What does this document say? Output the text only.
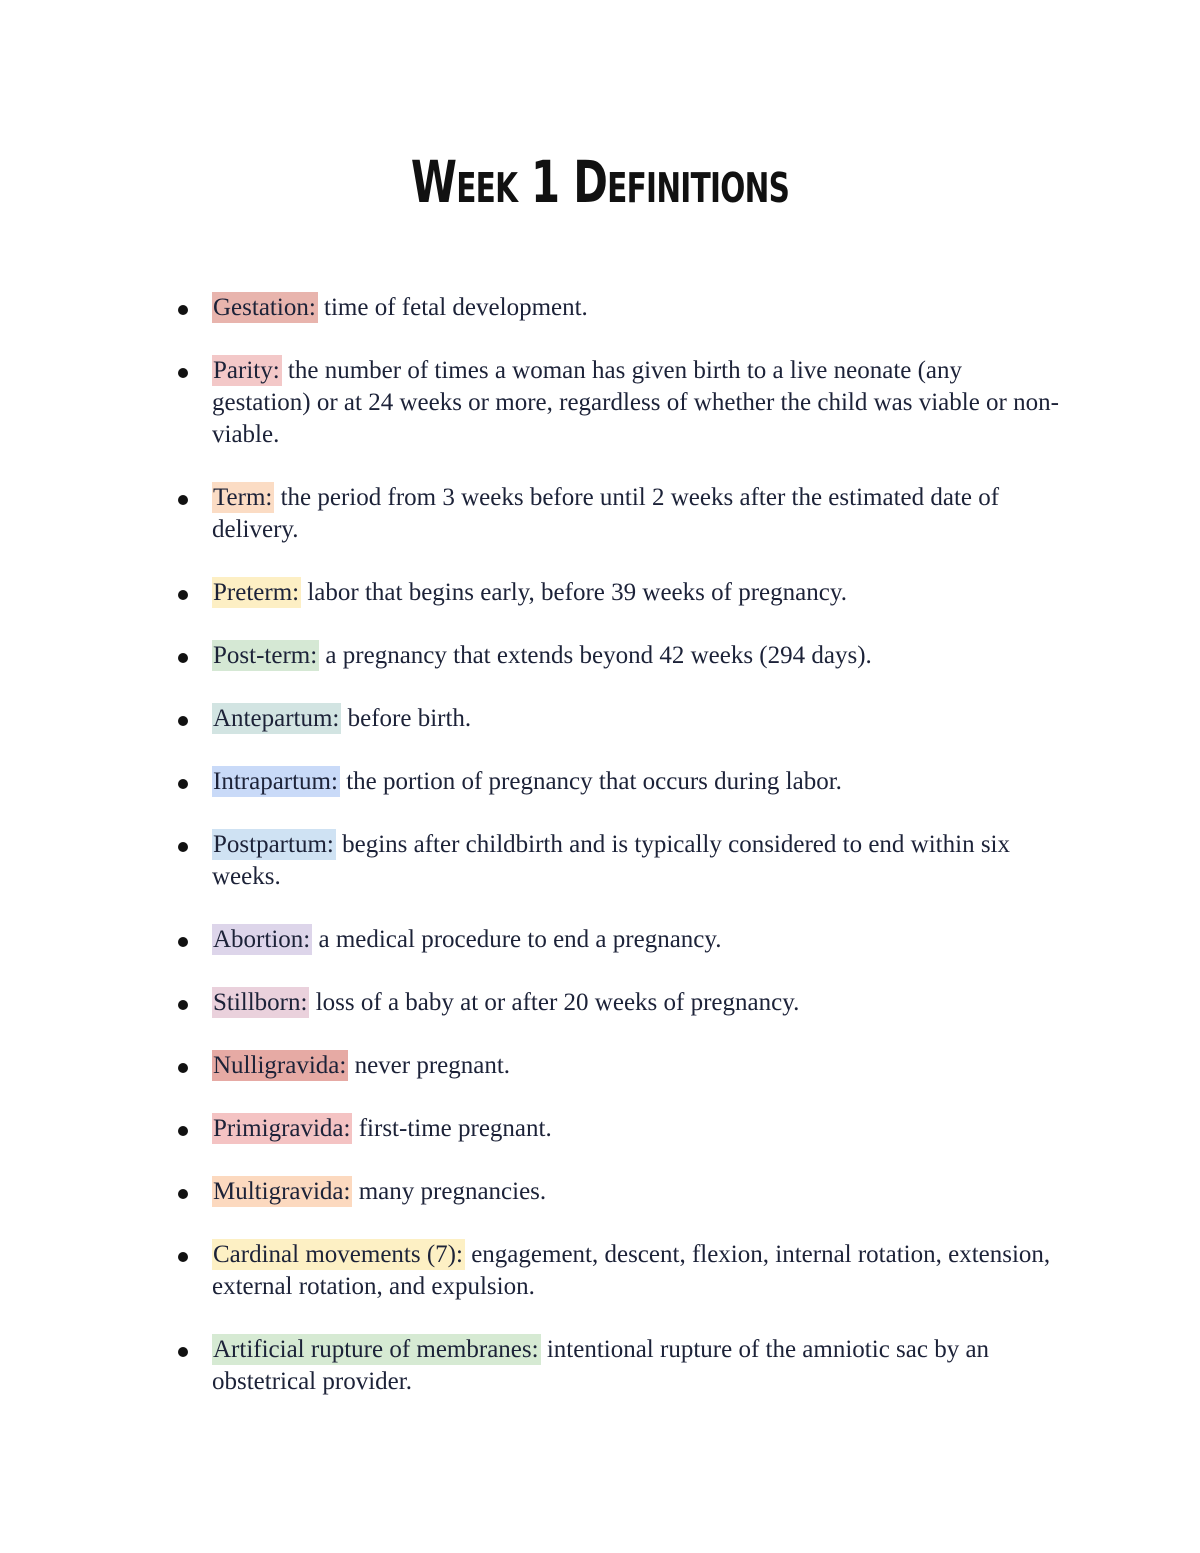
Week 1 Definitions
Gestation: time of fetal development.
Parity: the number of times a woman has given birth to a live neonate (any gestation) or at 24 weeks or more, regardless of whether the child was viable or non-viable.
Term: the period from 3 weeks before until 2 weeks after the estimated date of delivery.
Preterm: labor that begins early, before 39 weeks of pregnancy.
Post-term: a pregnancy that extends beyond 42 weeks (294 days).
Antepartum: before birth.
Intrapartum: the portion of pregnancy that occurs during labor.
Postpartum: begins after childbirth and is typically considered to end within six weeks.
Abortion: a medical procedure to end a pregnancy.
Stillborn: loss of a baby at or after 20 weeks of pregnancy.
Nulligravida: never pregnant.
Primigravida: first-time pregnant.
Multigravida: many pregnancies.
Cardinal movements (7): engagement, descent, flexion, internal rotation, extension, external rotation, and expulsion.
Artificial rupture of membranes: intentional rupture of the amniotic sac by an obstetrical provider.
